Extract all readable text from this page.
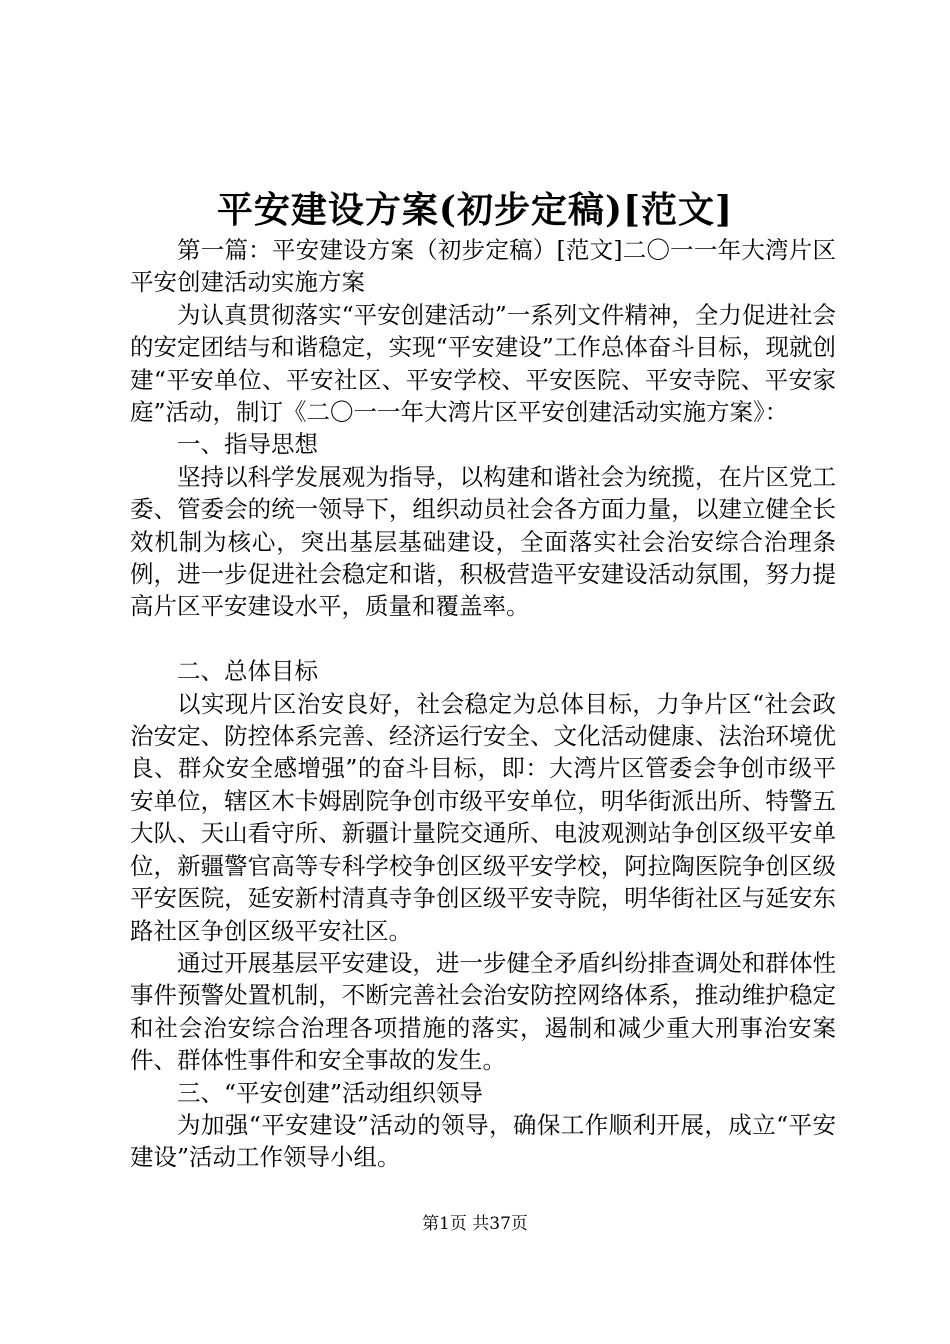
平安建设方案(初步定稿)[范文]

第一篇：平安建设方案（初步定稿）[范文]二〇一一年大湾片区平安创建活动实施方案

为认真贯彻落实“平安创建活动”一系列文件精神，全力促进社会的安定团结与和谐稳定，实现“平安建设”工作总体奋斗目标，现就创建“平安单位、平安社区、平安学校、平安医院、平安寺院、平安家庭”活动，制订《二〇一一年大湾片区平安创建活动实施方案》：

一、指导思想

坚持以科学发展观为指导，以构建和谐社会为统揽，在片区党工委、管委会的统一领导下，组织动员社会各方面力量，以建立健全长效机制为核心，突出基层基础建设，全面落实社会治安综合治理条例，进一步促进社会稳定和谐，积极营造平安建设活动氛围，努力提高片区平安建设水平，质量和覆盖率。

二、总体目标

以实现片区治安良好，社会稳定为总体目标，力争片区“社会政治安定、防控体系完善、经济运行安全、文化活动健康、法治环境优良、群众安全感增强”的奋斗目标，即：大湾片区管委会争创市级平安单位，辖区木卡姆剧院争创市级平安单位，明华街派出所、特警五大队、天山看守所、新疆计量院交通所、电波观测站争创区级平安单位，新疆警官高等专科学校争创区级平安学校，阿拉陶医院争创区级平安医院，延安新村清真寺争创区级平安寺院，明华街社区与延安东路社区争创区级平安社区。

通过开展基层平安建设，进一步健全矛盾纠纷排查调处和群体性事件预警处置机制，不断完善社会治安防控网络体系，推动维护稳定和社会治安综合治理各项措施的落实，遏制和减少重大刑事治安案件、群体性事件和安全事故的发生。

三、“平安创建”活动组织领导

为加强“平安建设”活动的领导，确保工作顺利开展，成立“平安建设”活动工作领导小组。

第1页 共37页
